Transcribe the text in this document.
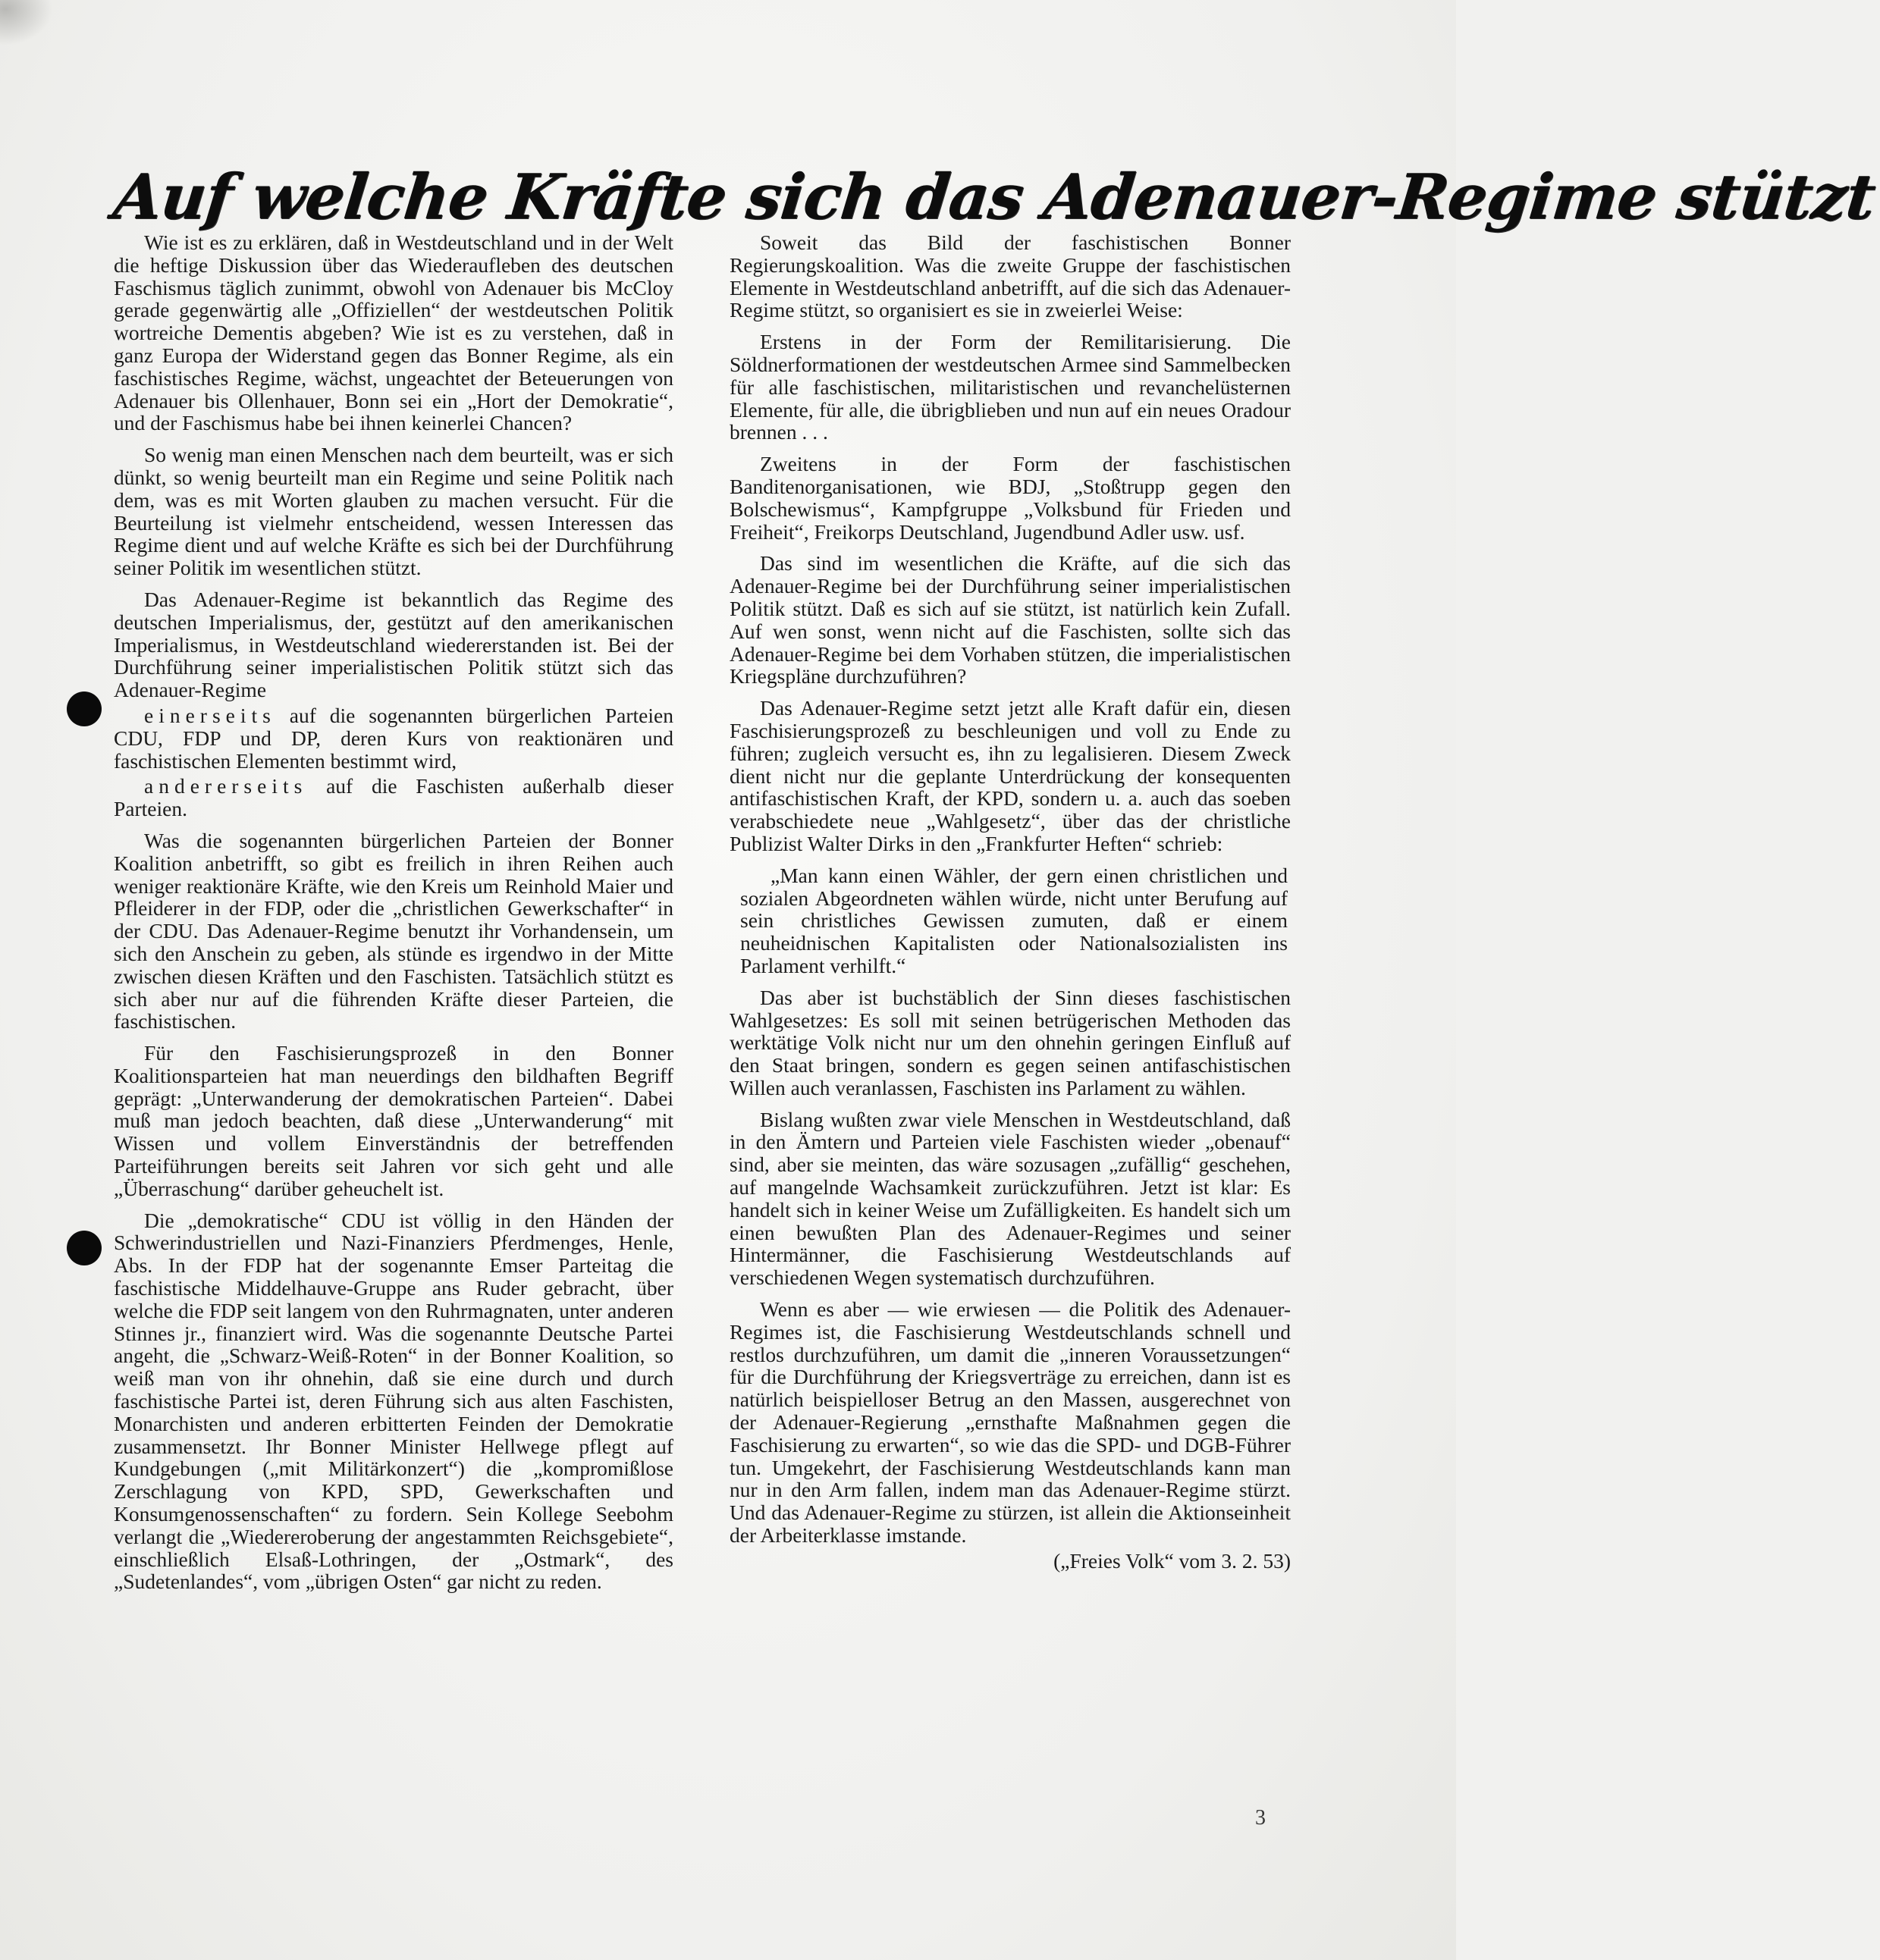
Auf welche Kräfte sich das Adenauer-Regime stützt

Wie ist es zu erklären, daß in Westdeutschland und in der Welt die heftige Diskussion über das Wiederaufleben des deutschen Faschismus täglich zunimmt, obwohl von Adenauer bis McCloy gerade gegenwärtig alle „Offiziellen“ der westdeutschen Politik wortreiche Dementis abgeben? Wie ist es zu verstehen, daß in ganz Europa der Widerstand gegen das Bonner Regime, als ein faschistisches Regime, wächst, ungeachtet der Beteuerungen von Adenauer bis Ollenhauer, Bonn sei ein „Hort der Demokratie“, und der Faschismus habe bei ihnen keinerlei Chancen?

So wenig man einen Menschen nach dem beurteilt, was er sich dünkt, so wenig beurteilt man ein Regime und seine Politik nach dem, was es mit Worten glauben zu machen versucht. Für die Beurteilung ist vielmehr entscheidend, wessen Interessen das Regime dient und auf welche Kräfte es sich bei der Durchführung seiner Politik im wesentlichen stützt.

Das Adenauer-Regime ist bekanntlich das Regime des deutschen Imperialismus, der, gestützt auf den amerikanischen Imperialismus, in Westdeutschland wiedererstanden ist. Bei der Durchführung seiner imperialistischen Politik stützt sich das Adenauer-Regime

einerseits auf die sogenannten bürgerlichen Parteien CDU, FDP und DP, deren Kurs von reaktionären und faschistischen Elementen bestimmt wird,

andererseits auf die Faschisten außerhalb dieser Parteien.

Was die sogenannten bürgerlichen Parteien der Bonner Koalition anbetrifft, so gibt es freilich in ihren Reihen auch weniger reaktionäre Kräfte, wie den Kreis um Reinhold Maier und Pfleiderer in der FDP, oder die „christlichen Gewerkschafter“ in der CDU. Das Adenauer-Regime benutzt ihr Vorhandensein, um sich den Anschein zu geben, als stünde es irgendwo in der Mitte zwischen diesen Kräften und den Faschisten. Tatsächlich stützt es sich aber nur auf die führenden Kräfte dieser Parteien, die faschistischen.

Für den Faschisierungsprozeß in den Bonner Koalitionsparteien hat man neuerdings den bildhaften Begriff geprägt: „Unterwanderung der demokratischen Parteien“. Dabei muß man jedoch beachten, daß diese „Unterwanderung“ mit Wissen und vollem Einverständnis der betreffenden Parteiführungen bereits seit Jahren vor sich geht und alle „Überraschung“ darüber geheuchelt ist.

Die „demokratische“ CDU ist völlig in den Händen der Schwerindustriellen und Nazi-Finanziers Pferdmenges, Henle, Abs. In der FDP hat der sogenannte Emser Parteitag die faschistische Middelhauve-Gruppe ans Ruder gebracht, über welche die FDP seit langem von den Ruhrmagnaten, unter anderen Stinnes jr., finanziert wird. Was die sogenannte Deutsche Partei angeht, die „Schwarz-Weiß-Roten“ in der Bonner Koalition, so weiß man von ihr ohnehin, daß sie eine durch und durch faschistische Partei ist, deren Führung sich aus alten Faschisten, Monarchisten und anderen erbitterten Feinden der Demokratie zusammensetzt. Ihr Bonner Minister Hellwege pflegt auf Kundgebungen („mit Militärkonzert“) die „kompromißlose Zerschlagung von KPD, SPD, Gewerkschaften und Konsumgenossenschaften“ zu fordern. Sein Kollege Seebohm verlangt die „Wiedereroberung der angestammten Reichsgebiete“, einschließlich Elsaß-Lothringen, der „Ostmark“, des „Sudetenlandes“, vom „übrigen Osten“ gar nicht zu reden.

Soweit das Bild der faschistischen Bonner Regierungskoalition. Was die zweite Gruppe der faschistischen Elemente in Westdeutschland anbetrifft, auf die sich das Adenauer-Regime stützt, so organisiert es sie in zweierlei Weise:

Erstens in der Form der Remilitarisierung. Die Söldnerformationen der westdeutschen Armee sind Sammelbecken für alle faschistischen, militaristischen und revanchelüsternen Elemente, für alle, die übrigblieben und nun auf ein neues Oradour brennen . . .

Zweitens in der Form der faschistischen Banditenorganisationen, wie BDJ, „Stoßtrupp gegen den Bolschewismus“, Kampfgruppe „Volksbund für Frieden und Freiheit“, Freikorps Deutschland, Jugendbund Adler usw. usf.

Das sind im wesentlichen die Kräfte, auf die sich das Adenauer-Regime bei der Durchführung seiner imperialistischen Politik stützt. Daß es sich auf sie stützt, ist natürlich kein Zufall. Auf wen sonst, wenn nicht auf die Faschisten, sollte sich das Adenauer-Regime bei dem Vorhaben stützen, die imperialistischen Kriegspläne durchzuführen?

Das Adenauer-Regime setzt jetzt alle Kraft dafür ein, diesen Faschisierungsprozeß zu beschleunigen und voll zu Ende zu führen; zugleich versucht es, ihn zu legalisieren. Diesem Zweck dient nicht nur die geplante Unterdrückung der konsequenten antifaschistischen Kraft, der KPD, sondern u. a. auch das soeben verabschiedete neue „Wahlgesetz“, über das der christliche Publizist Walter Dirks in den „Frankfurter Heften“ schrieb:

„Man kann einen Wähler, der gern einen christlichen und sozialen Abgeordneten wählen würde, nicht unter Berufung auf sein christliches Gewissen zumuten, daß er einem neuheidnischen Kapitalisten oder Nationalsozialisten ins Parlament verhilft.“

Das aber ist buchstäblich der Sinn dieses faschistischen Wahlgesetzes: Es soll mit seinen betrügerischen Methoden das werktätige Volk nicht nur um den ohnehin geringen Einfluß auf den Staat bringen, sondern es gegen seinen antifaschistischen Willen auch veranlassen, Faschisten ins Parlament zu wählen.

Bislang wußten zwar viele Menschen in Westdeutschland, daß in den Ämtern und Parteien viele Faschisten wieder „obenauf“ sind, aber sie meinten, das wäre sozusagen „zufällig“ geschehen, auf mangelnde Wachsamkeit zurückzuführen. Jetzt ist klar: Es handelt sich in keiner Weise um Zufälligkeiten. Es handelt sich um einen bewußten Plan des Adenauer-Regimes und seiner Hintermänner, die Faschisierung Westdeutschlands auf verschiedenen Wegen systematisch durchzuführen.

Wenn es aber — wie erwiesen — die Politik des Adenauer-Regimes ist, die Faschisierung Westdeutschlands schnell und restlos durchzuführen, um damit die „inneren Voraussetzungen“ für die Durchführung der Kriegsverträge zu erreichen, dann ist es natürlich beispielloser Betrug an den Massen, ausgerechnet von der Adenauer-Regierung „ernsthafte Maßnahmen gegen die Faschisierung zu erwarten“, so wie das die SPD- und DGB-Führer tun. Umgekehrt, der Faschisierung Westdeutschlands kann man nur in den Arm fallen, indem man das Adenauer-Regime stürzt. Und das Adenauer-Regime zu stürzen, ist allein die Aktionseinheit der Arbeiterklasse imstande.

(„Freies Volk“ vom 3. 2. 53)

3
